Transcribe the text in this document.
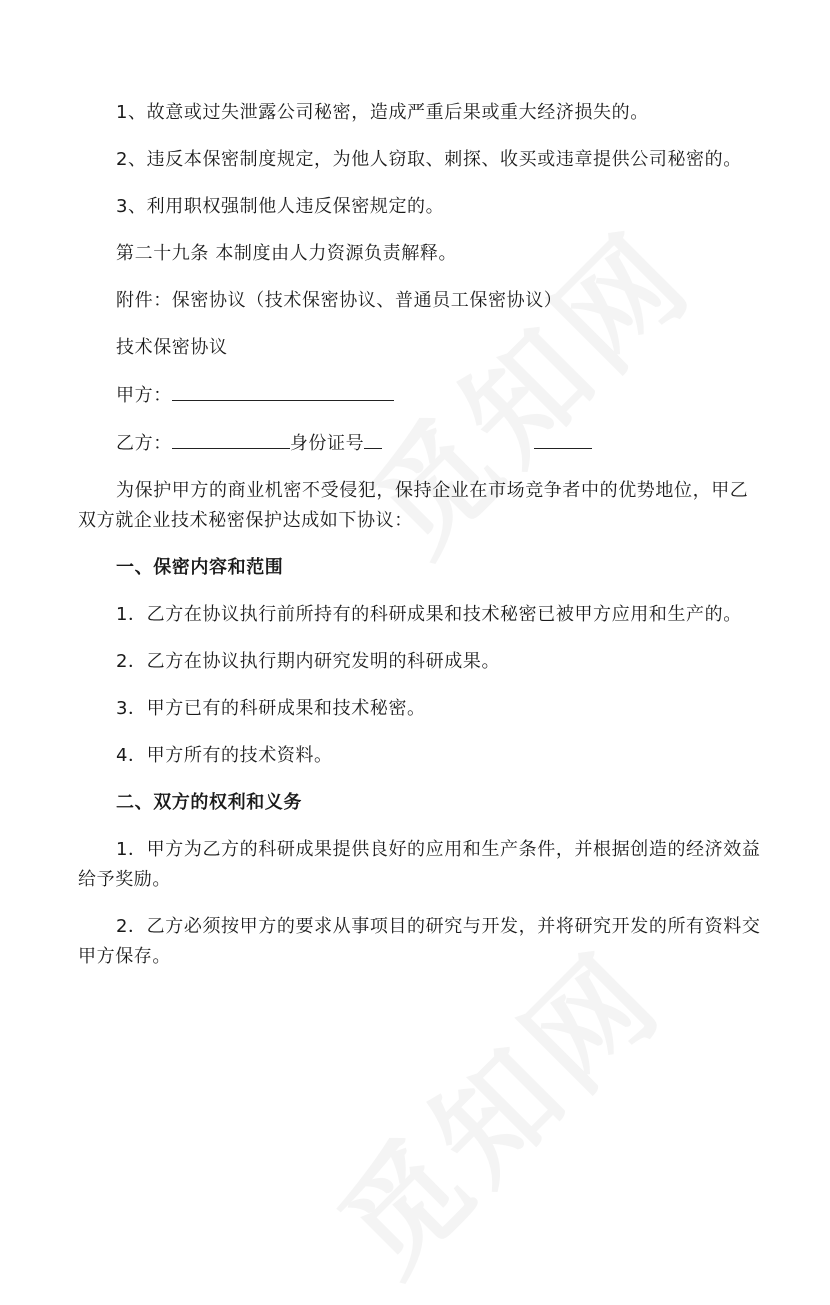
1、故意或过失泄露公司秘密，造成严重后果或重大经济损失的。

2、违反本保密制度规定，为他人窃取、刺探、收买或违章提供公司秘密的。

3、利用职权强制他人违反保密规定的。

第二十九条 本制度由人力资源负责解释。

附件：保密协议（技术保密协议、普通员工保密协议）

技术保密协议

甲方：

乙方：	身份证号

为保护甲方的商业机密不受侵犯，保持企业在市场竞争者中的优势地位，甲乙双方就企业技术秘密保护达成如下协议：

一、保密内容和范围

1．乙方在协议执行前所持有的科研成果和技术秘密已被甲方应用和生产的。

2．乙方在协议执行期内研究发明的科研成果。

3．甲方已有的科研成果和技术秘密。

4．甲方所有的技术资料。

二、双方的权利和义务

1．甲方为乙方的科研成果提供良好的应用和生产条件，并根据创造的经济效益给予奖励。

2．乙方必须按甲方的要求从事项目的研究与开发，并将研究开发的所有资料交甲方保存。
